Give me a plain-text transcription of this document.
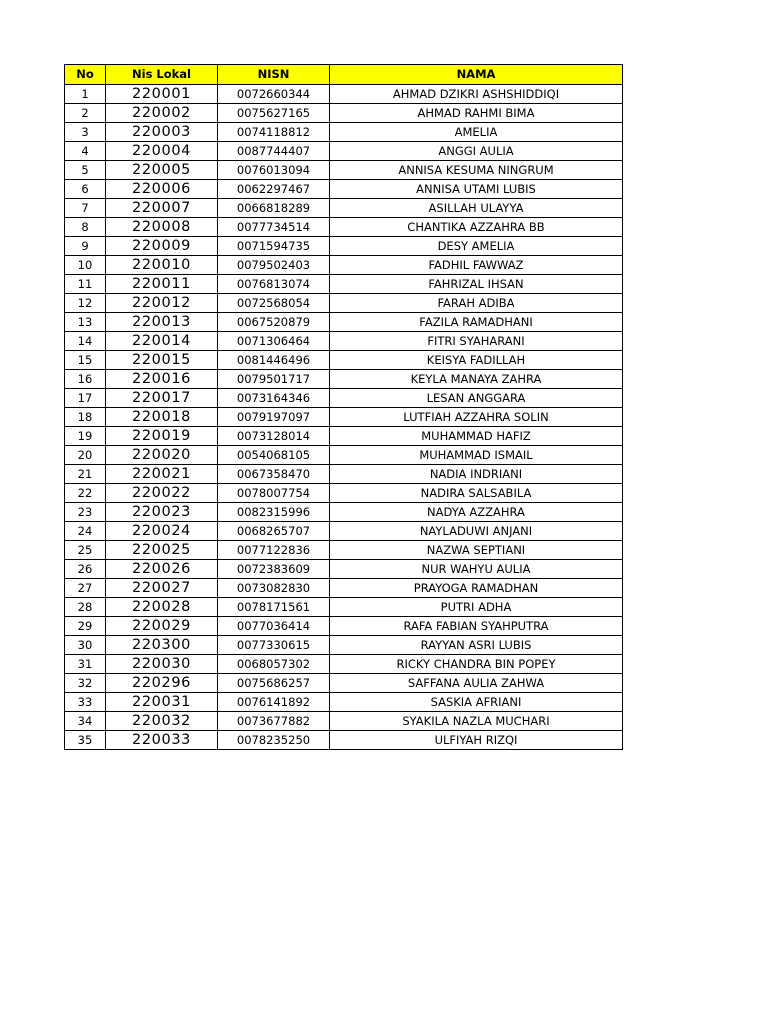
No	Nis Lokal	NISN	NAMA
1	220001	0072660344	AHMAD DZIKRI ASHSHIDDIQI
2	220002	0075627165	AHMAD RAHMI BIMA
3	220003	0074118812	AMELIA
4	220004	0087744407	ANGGI AULIA
5	220005	0076013094	ANNISA KESUMA NINGRUM
6	220006	0062297467	ANNISA UTAMI LUBIS
7	220007	0066818289	ASILLAH ULAYYA
8	220008	0077734514	CHANTIKA AZZAHRA BB
9	220009	0071594735	DESY AMELIA
10	220010	0079502403	FADHIL FAWWAZ
11	220011	0076813074	FAHRIZAL IHSAN
12	220012	0072568054	FARAH ADIBA
13	220013	0067520879	FAZILA RAMADHANI
14	220014	0071306464	FITRI SYAHARANI
15	220015	0081446496	KEISYA FADILLAH
16	220016	0079501717	KEYLA MANAYA ZAHRA
17	220017	0073164346	LESAN ANGGARA
18	220018	0079197097	LUTFIAH AZZAHRA SOLIN
19	220019	0073128014	MUHAMMAD HAFIZ
20	220020	0054068105	MUHAMMAD ISMAIL
21	220021	0067358470	NADIA INDRIANI
22	220022	0078007754	NADIRA SALSABILA
23	220023	0082315996	NADYA AZZAHRA
24	220024	0068265707	NAYLADUWI ANJANI
25	220025	0077122836	NAZWA SEPTIANI
26	220026	0072383609	NUR WAHYU AULIA
27	220027	0073082830	PRAYOGA RAMADHAN
28	220028	0078171561	PUTRI ADHA
29	220029	0077036414	RAFA FABIAN SYAHPUTRA
30	220300	0077330615	RAYYAN ASRI LUBIS
31	220030	0068057302	RICKY CHANDRA BIN POPEY
32	220296	0075686257	SAFFANA AULIA ZAHWA
33	220031	0076141892	SASKIA AFRIANI
34	220032	0073677882	SYAKILA NAZLA MUCHARI
35	220033	0078235250	ULFIYAH RIZQI
